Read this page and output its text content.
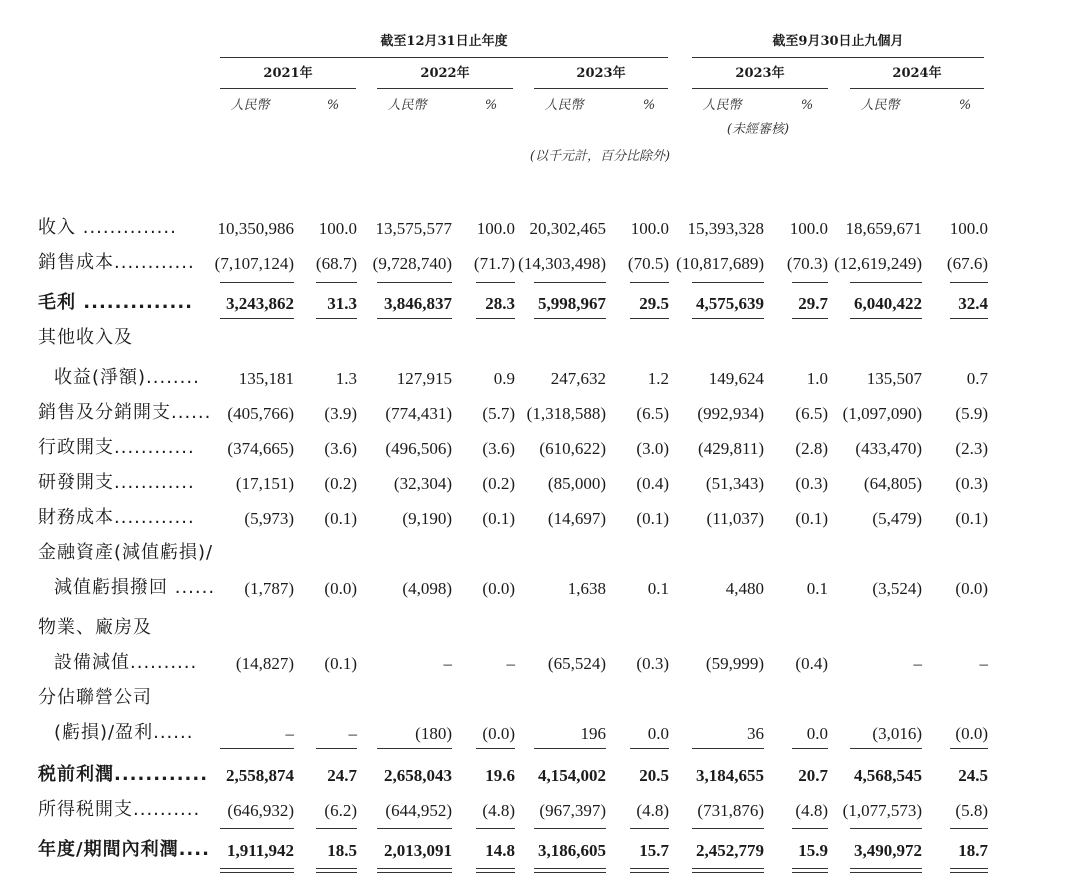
截至12月31日止年度	截至9月30日止九個月
2021年	2022年	2023年	2023年	2024年
人民幣	%	人民幣	%	人民幣	%	人民幣	%	人民幣	%
(未經審核)
(以千元計，百分比除外)
收入 ..............	10,350,986	100.0	13,575,577	100.0 20,302,465	100.0	15,393,328	100.0	18,659,671	100.0
銷售成本............	(7,107,124)	(68.7) (9,728,740)	(71.7) (14,303,498)	(70.5) (10,817,689)	(70.3) (12,619,249)	(67.6)
毛利 ..............	3,243,862	31.3	3,846,837	28.3	5,998,967	29.5	4,575,639	29.7	6,040,422	32.4
其他收入及
收益(淨額)........	135,181	1.3	127,915	0.9	247,632	1.2	149,624	1.0	135,507	0.7
銷售及分銷開支...... (405,766)	(3.9)	(774,431)	(5.7) (1,318,588)	(6.5)	(992,934)	(6.5) (1,097,090)	(5.9)
行政開支............	(374,665)	(3.6)	(496,506)	(3.6)	(610,622)	(3.0)	(429,811)	(2.8)	(433,470)	(2.3)
研發開支............	(17,151)	(0.2)	(32,304)	(0.2)	(85,000)	(0.4)	(51,343)	(0.3)	(64,805)	(0.3)
財務成本............	(5,973)	(0.1)	(9,190)	(0.1)	(14,697)	(0.1)	(11,037)	(0.1)	(5,479)	(0.1)
金融資產(減值虧損)/
減值虧損撥回 ......	(1,787)	(0.0)	(4,098)	(0.0)	1,638	0.1	4,480	0.1	(3,524)	(0.0)
物業、廠房及
設備減值..........	(14,827)	(0.1)	–	–	(65,524)	(0.3)	(59,999)	(0.4)	–	–
分佔聯營公司
(虧損)/盈利......	–	–	(180)	(0.0)	196	0.0	36	0.0	(3,016)	(0.0)
税前利潤............	2,558,874	24.7	2,658,043	19.6	4,154,002	20.5	3,184,655	20.7	4,568,545	24.5
所得税開支..........	(646,932)	(6.2)	(644,952)	(4.8)	(967,397)	(4.8)	(731,876)	(4.8) (1,077,573)	(5.8)
年度/期間內利潤....	1,911,942	18.5	2,013,091	14.8	3,186,605	15.7	2,452,779	15.9	3,490,972	18.7
